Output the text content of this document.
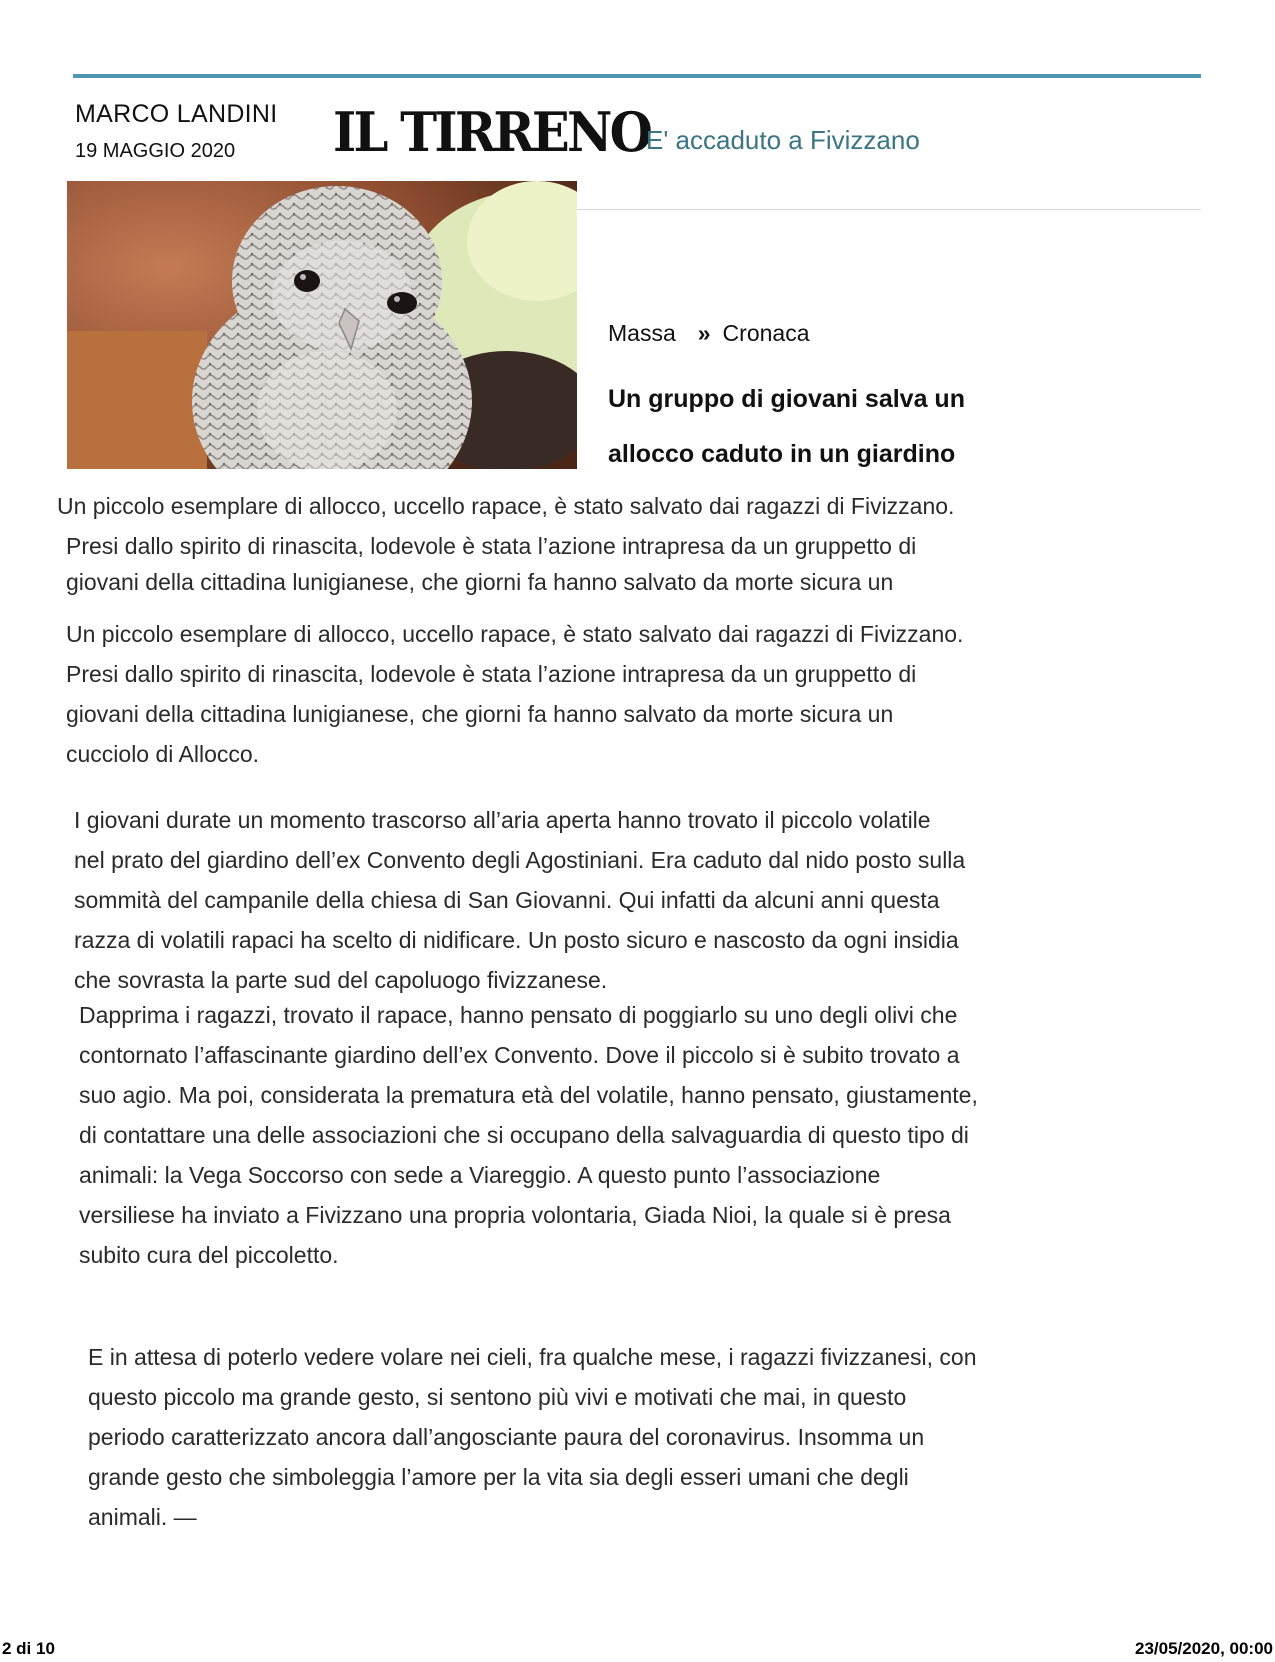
MARCO LANDINI
19 MAGGIO 2020 IL TIRRENO
E' accaduto a Fivizzano
Massa » Cronaca
Un gruppo di giovani salva un
allocco caduto in un giardino
Un piccolo esemplare di allocco, uccello rapace, è stato salvato dai ragazzi di Fivizzano.
Presi dallo spirito di rinascita, lodevole è stata l’azione intrapresa da un gruppetto di
giovani della cittadina lunigianese, che giorni fa hanno salvato da morte sicura un
Un piccolo esemplare di allocco, uccello rapace, è stato salvato dai ragazzi di Fivizzano.
Presi dallo spirito di rinascita, lodevole è stata l’azione intrapresa da un gruppetto di
giovani della cittadina lunigianese, che giorni fa hanno salvato da morte sicura un
cucciolo di Allocco.
I giovani durate un momento trascorso all’aria aperta hanno trovato il piccolo volatile
nel prato del giardino dell’ex Convento degli Agostiniani. Era caduto dal nido posto sulla
sommità del campanile della chiesa di San Giovanni. Qui infatti da alcuni anni questa
razza di volatili rapaci ha scelto di nidificare. Un posto sicuro e nascosto da ogni insidia
che sovrasta la parte sud del capoluogo fivizzanese.
Dapprima i ragazzi, trovato il rapace, hanno pensato di poggiarlo su uno degli olivi che
contornato l’affascinante giardino dell’ex Convento. Dove il piccolo si è subito trovato a
suo agio. Ma poi, considerata la prematura età del volatile, hanno pensato, giustamente,
di contattare una delle associazioni che si occupano della salvaguardia di questo tipo di
animali: la Vega Soccorso con sede a Viareggio. A questo punto l’associazione
versiliese ha inviato a Fivizzano una propria volontaria, Giada Nioi, la quale si è presa
subito cura del piccoletto.
E in attesa di poterlo vedere volare nei cieli, fra qualche mese, i ragazzi fivizzanesi, con
questo piccolo ma grande gesto, si sentono più vivi e motivati che mai, in questo
periodo caratterizzato ancora dall’angosciante paura del coronavirus. Insomma un
grande gesto che simboleggia l’amore per la vita sia degli esseri umani che degli
animali. —
2 di 10	23/05/2020, 00:00
